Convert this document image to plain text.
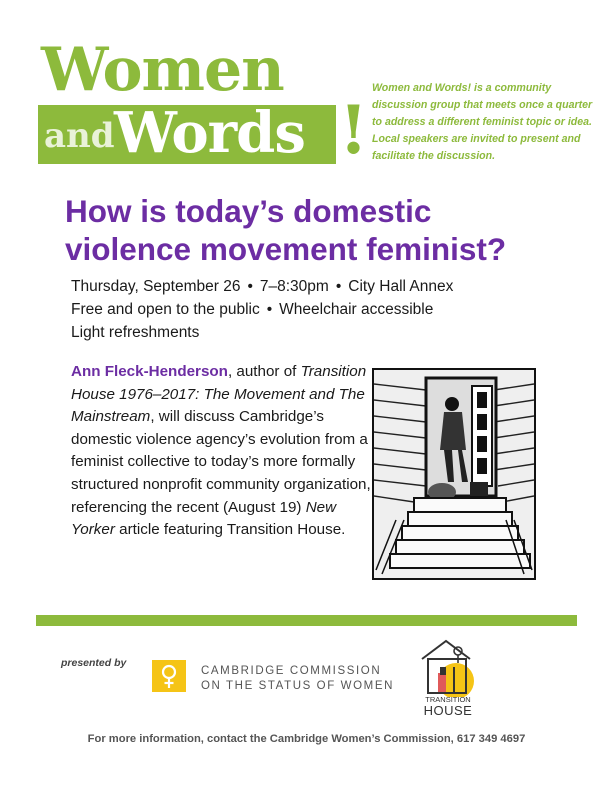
Women
and Words !
Women and Words! is a community discussion group that meets once a quarter to address a different feminist topic or idea. Local speakers are invited to present and facilitate the discussion.
How is today’s domestic
violence movement feminist?
Thursday, September 26 • 7–8:30pm • City Hall Annex
Free and open to the public • Wheelchair accessible
Light refreshments
Ann Fleck-Henderson, author of Transition House 1976–2017: The Movement and The Mainstream, will discuss Cambridge’s domestic violence agency’s evolution from a feminist collective to today’s more formally structured nonprofit community organization, referencing the recent (August 19) New Yorker article featuring Transition House.
presented by
CAMBRIDGE COMMISSION
ON THE STATUS OF WOMEN
TRANSITION
HOUSE
For more information, contact the Cambridge Women’s Commission, 617 349 4697
